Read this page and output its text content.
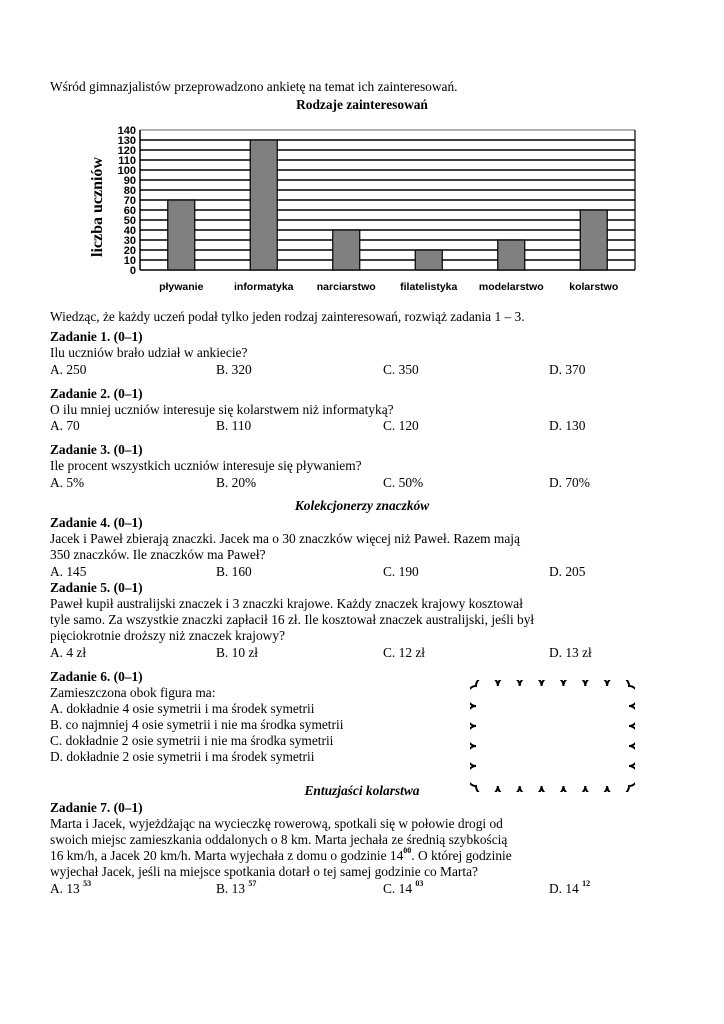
Wśród gimnazjalistów przeprowadzono ankietę na temat ich zainteresowań.
Rodzaje zainteresowań
140
130
120
110
100
90
80
70
60
50
40
30
20
10
0
pływanie	informatyka narciarstwo filatelistyka modelarstwo kolarstwo
liczba uczniów
Wiedząc, że każdy uczeń podał tylko jeden rodzaj zainteresowań, rozwiąż zadania 1 – 3.
Zadanie 1. (0–1)
Ilu uczniów brało udział w ankiecie?
A. 250	B. 320	C. 350	D. 370
Zadanie 2. (0–1)
O ilu mniej uczniów interesuje się kolarstwem niż informatyką?
A. 70	B. 110	C. 120	D. 130
Zadanie 3. (0–1)
Ile procent wszystkich uczniów interesuje się pływaniem?
A. 5%	B. 20%	C. 50%	D. 70%
Kolekcjonerzy znaczków
Zadanie 4. (0–1)
Jacek i Paweł zbierają znaczki. Jacek ma o 30 znaczków więcej niż Paweł. Razem mają
350 znaczków. Ile znaczków ma Paweł?
A. 145	B. 160	C. 190	D. 205
Zadanie 5. (0–1)
Paweł kupił australijski znaczek i 3 znaczki krajowe. Każdy znaczek krajowy kosztował
tyle samo. Za wszystkie znaczki zapłacił 16 zł. Ile kosztował znaczek australijski, jeśli był
pięciokrotnie droższy niż znaczek krajowy?
A. 4 zł	B. 10 zł	C. 12 zł	D. 13 zł
Zadanie 6. (0–1)
Zamieszczona obok figura ma:
A. dokładnie 4 osie symetrii i ma środek symetrii
B. co najmniej 4 osie symetrii i nie ma środka symetrii
C. dokładnie 2 osie symetrii i nie ma środka symetrii
D. dokładnie 2 osie symetrii i ma środek symetrii
Entuzjaści kolarstwa
Zadanie 7. (0–1)
Marta i Jacek, wyjeżdżając na wycieczkę rowerową, spotkali się w połowie drogi od
swoich miejsc zamieszkania oddalonych o 8 km. Marta jechała ze średnią szybkością
16 km/h, a Jacek 20 km/h. Marta wyjechała z domu o godzinie $14^{00}$. O której godzinie
wyjechał Jacek, jeśli na miejsce spotkania dotarł o tej samej godzinie co Marta?
A. 13 $^{53}$	B. 13 $^{57}$	C. 14 $^{03}$	D. 14 $^{12}$
